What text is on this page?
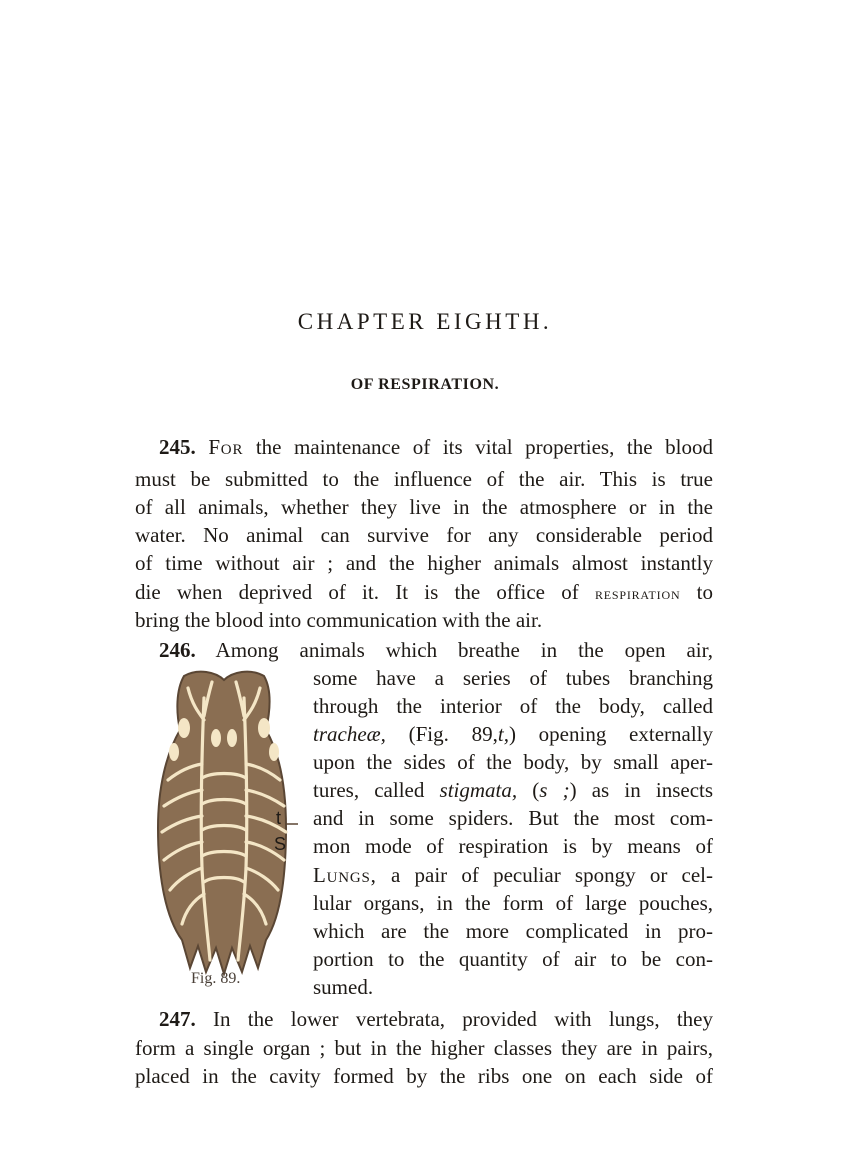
CHAPTER EIGHTH.
OF RESPIRATION.
245. For the maintenance of its vital properties, the blood
must be submitted to the influence of the air. This is true
of all animals, whether they live in the atmosphere or in the
water. No animal can survive for any considerable period
of time without air ; and the higher animals almost instantly
die when deprived of it. It is the office of respiration to
bring the blood into communication with the air.
246. Among animals which breathe in the open air,
some have a series of tubes branching
through the interior of the body, called
tracheæ, (Fig. 89,t,) opening externally
upon the sides of the body, by small aper-
tures, called stigmata, (s ;) as in insects
and in some spiders. But the most com-
mon mode of respiration is by means of
Lungs, a pair of peculiar spongy or cel-
lular organs, in the form of large pouches,
which are the more complicated in pro-
portion to the quantity of air to be con-
sumed.
t
S
Fig. 89.
247. In the lower vertebrata, provided with lungs, they
form a single organ ; but in the higher classes they are in pairs,
placed in the cavity formed by the ribs one on each side of
